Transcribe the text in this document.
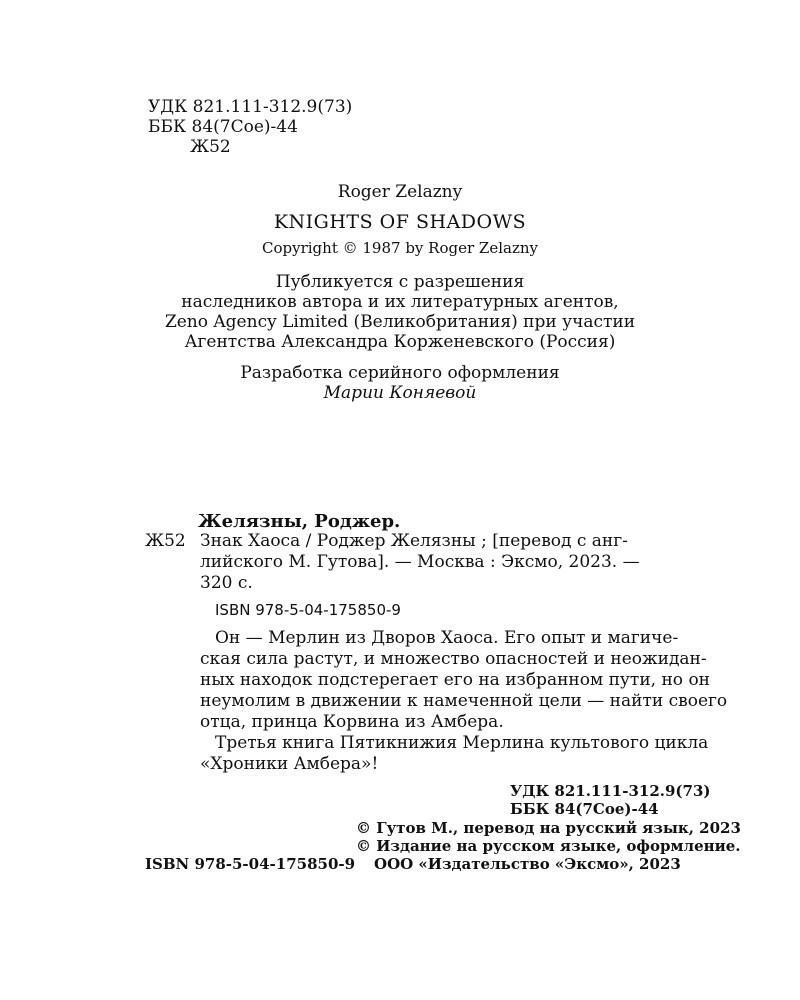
УДК 821.111-312.9(73)
ББК 84(7Сое)-44
Ж52
Roger Zelazny
KNIGHTS OF SHADOWS
Copyright © 1987 by Roger Zelazny
Публикуется с разрешения
наследников автора и их литературных агентов,
Zeno Agency Limited (Великобритания) при участии
Агентства Александра Корженевского (Россия)
Разработка серийного оформления
Марии Коняевой
Желязны, Роджер.
Ж52 Знак Хаоса / Роджер Желязны ; [перевод с анг-
лийского М. Гутова]. — Москва : Эксмо, 2023. —
320 с.
ISBN 978-5-04-175850-9
Он — Мерлин из Дворов Хаоса. Его опыт и магиче-
ская сила растут, и множество опасностей и неожидан-
ных находок подстерегает его на избранном пути, но он
неумолим в движении к намеченной цели — найти своего
отца, принца Корвина из Амбера.
Третья книга Пятикнижия Мерлина культового цикла
«Хроники Амбера»!
УДК 821.111-312.9(73)
ББК 84(7Сое)-44
ISBN 978-5-04-175850-9
© Гутов М., перевод на русский язык, 2023
© Издание на русском языке, оформление.
ООО «Издательство «Эксмо», 2023
